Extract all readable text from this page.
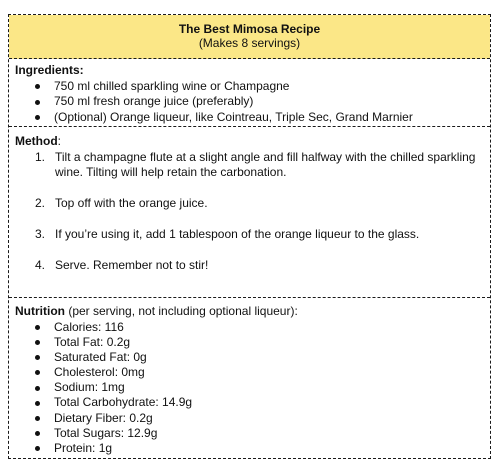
The Best Mimosa Recipe
(Makes 8 servings)
Ingredients:
750 ml chilled sparkling wine or Champagne
750 ml fresh orange juice (preferably)
(Optional) Orange liqueur, like Cointreau, Triple Sec, Grand Marnier
Method:
1. Tilt a champagne flute at a slight angle and fill halfway with the chilled sparkling wine. Tilting will help retain the carbonation.
2. Top off with the orange juice.
3. If you’re using it, add 1 tablespoon of the orange liqueur to the glass.
4. Serve. Remember not to stir!
Nutrition (per serving, not including optional liqueur):
Calories: 116
Total Fat: 0.2g
Saturated Fat: 0g
Cholesterol: 0mg
Sodium: 1mg
Total Carbohydrate: 14.9g
Dietary Fiber: 0.2g
Total Sugars: 12.9g
Protein: 1g
